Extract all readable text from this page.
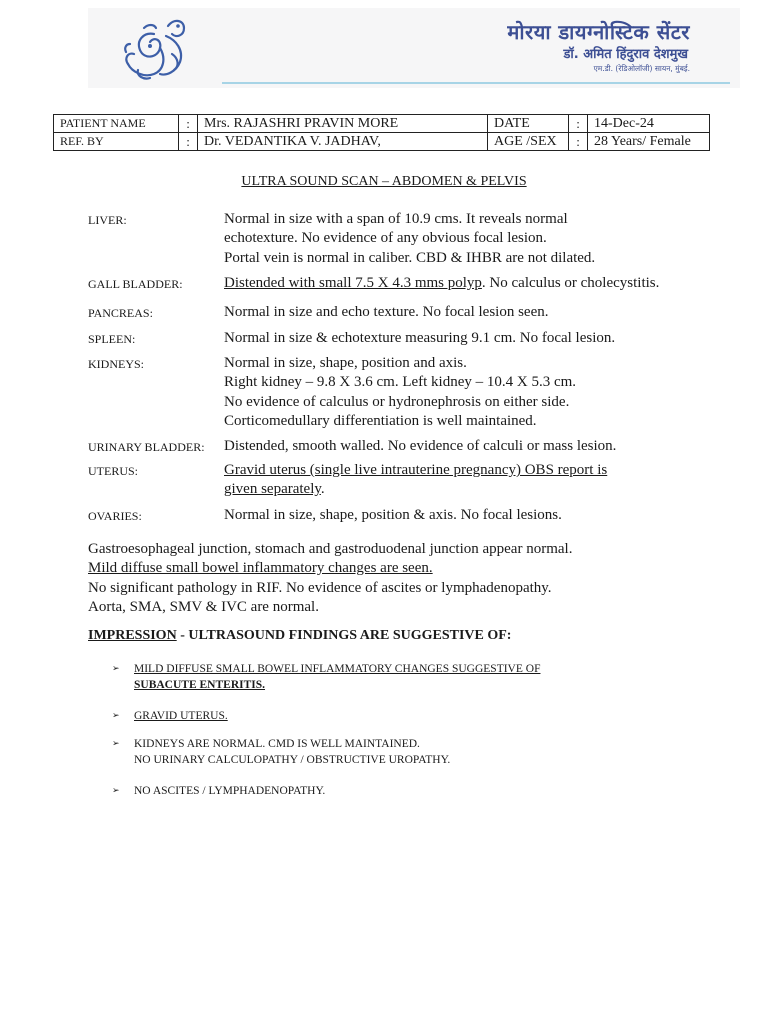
मोरया डायग्नोस्टिक सेंटर
डॉ. अमित हिंदुराव देशमुख
एम.डी. (रेडिओलॉजी) सायन, मुंबई.
PATIENT NAME	:	Mrs. RAJASHRI PRAVIN MORE	DATE	:	14-Dec-24
REF. BY	:	Dr. VEDANTIKA V. JADHAV,	AGE /SEX	:	28 Years/ Female
ULTRA SOUND SCAN – ABDOMEN & PELVIS
LIVER:	Normal in size with a span of 10.9 cms. It reveals normal
echotexture. No evidence of any obvious focal lesion.
Portal vein is normal in caliber. CBD & IHBR are not dilated.
GALL BLADDER:	Distended with small 7.5 X 4.3 mms polyp. No calculus or cholecystitis.
PANCREAS:	Normal in size and echo texture. No focal lesion seen.
SPLEEN:	Normal in size & echotexture measuring 9.1 cm. No focal lesion.
KIDNEYS:	Normal in size, shape, position and axis.
Right kidney – 9.8 X 3.6 cm. Left kidney – 10.4 X 5.3 cm.
No evidence of calculus or hydronephrosis on either side.
Corticomedullary differentiation is well maintained.
URINARY BLADDER: Distended, smooth walled. No evidence of calculi or mass lesion.
UTERUS:	Gravid uterus (single live intrauterine pregnancy) OBS report is
given separately.
OVARIES:	Normal in size, shape, position & axis. No focal lesions.
Gastroesophageal junction, stomach and gastroduodenal junction appear normal.
Mild diffuse small bowel inflammatory changes are seen.
No significant pathology in RIF. No evidence of ascites or lymphadenopathy.
Aorta, SMA, SMV & IVC are normal.
IMPRESSION - ULTRASOUND FINDINGS ARE SUGGESTIVE OF:
➢ MILD DIFFUSE SMALL BOWEL INFLAMMATORY CHANGES SUGGESTIVE OF
SUBACUTE ENTERITIS.
➢ GRAVID UTERUS.
➢ KIDNEYS ARE NORMAL. CMD IS WELL MAINTAINED.
NO URINARY CALCULOPATHY / OBSTRUCTIVE UROPATHY.
➢ NO ASCITES / LYMPHADENOPATHY.
